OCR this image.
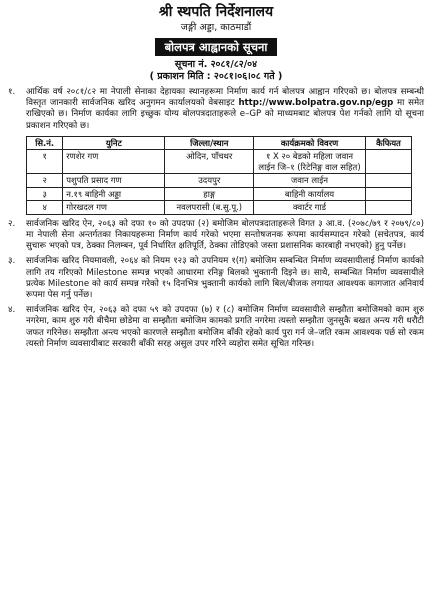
श्री स्थपति निर्देशनालय
जङ्गी अड्डा, काठमाडौं
बोलपत्र आह्वानको सूचना
सूचना नं. २०८१/८२/०४
( प्रकाशन मिति : २०८१।०६।०८ गते )
१. आर्थिक वर्ष २०८१/८२ मा नेपाली सेनाका देहायका स्थानहरूमा निर्माण कार्य गर्न बोलपत्र आह्वान गरिएको छ। बोलपत्र सम्बन्धी विस्तृत जानकारी सार्वजनिक खरिद अनुगमन कार्यालयको वेबसाइट http://www.bolpatra.gov.np/egp मा समेत राखिएको छ। निर्माण कार्यका लागि इच्छुक योग्य बोलपत्रदाताहरूले e–GP को माध्यमबाट बोलपत्र पेश गर्नको लागि यो सूचना प्रकाशन गरिएको छ।
सि.नं.	युनिट	जिल्ला/स्थान	कार्यक्रमको विवरण	कैफियत
१	रणशेर गण	ओदिन, पाँचथर	१ X २० बेडको महिला जवान लाईन जि–१ (रिटेनिङ्ग वाल सहित)	
२	पशुपति प्रसाद गण	उदयपुर	जवान लाईन	
३	न.१९ बाहिनी अड्डा	हाङ्ग	बाहिनी कार्यालय	
४	गोरखदल गण	नवलपरासी (ब.सु.पू.)	क्वार्टर गार्ड	
२. सार्वजनिक खरिद ऐन, २०६३ को दफा १० को उपदफा (२) बमोजिम बोलपत्रदाताहरूले विगत ३ आ.व. (२०७८/७९ र २०७९/८०) मा नेपाली सेना अन्तर्गतका निकायहरूमा निर्माण कार्य गरेको भएमा सन्तोषजनक रूपमा कार्यसम्पादन गरेको (सचेतपत्र, कार्य सुचारू भएको पत्र, ठेक्का निलम्बन, पूर्व निर्धारित क्षतिपूर्ति, ठेक्का तोडिएको जस्ता प्रशासनिक कारबाही नभएको) हुनु पर्नेछ।
३. सार्वजनिक खरिद नियमावली, २०६४ को नियम १२३ को उपनियम १(ग) बमोजिम सम्बन्धित निर्माण व्यवसायीलाई निर्माण कार्यको लागि तय गरिएको Milestone सम्पन्न भएको आधारमा रनिङ्ग बिलको भुक्तानी दिइने छ। साथै, सम्बन्धित निर्माण व्यवसायीले प्रत्येक Milestone को कार्य सम्पन्न गरेको १५ दिनभित्र भुक्तानी कार्यको लागि बिल/बीजक लगायत आवश्यक कागजात अनिवार्य रूपमा पेस गर्नु पर्नेछ।
४. सार्वजनिक खरिद ऐन, २०६३ को दफा ५९ को उपदफा (७) र (८) बमोजिम निर्माण व्यवसायीले सम्झौता बमोजिमको काम शुरु नगरेमा, काम शुरु गरी बीचैमा छोडेमा वा सम्झौता बमोजिम कामको प्रगति नगरेमा त्यस्तो सम्झौता जुनसुकै बखत अन्त्य गरी धरौटी जफत गरिनेछ। सम्झौता अन्त्य भएको कारणले सम्झौता बमोजिम बाँकी रहेको कार्य पुरा गर्न जे–जति रकम आवश्यक पर्छ सो रकम त्यस्तो निर्माण व्यवसायीबाट सरकारी बाँकी सरह असुल उपर गरिने व्यहोरा समेत सूचित गरिन्छ।
